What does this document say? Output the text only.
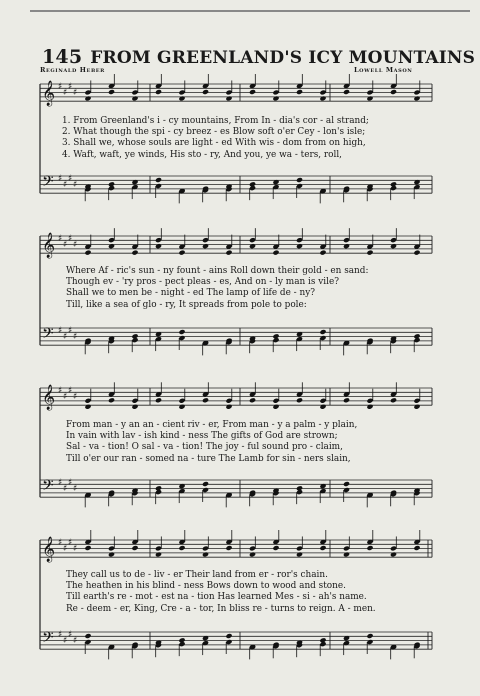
145 FROM GREENLAND'S ICY MOUNTAINS
Reginald Heber	Lowell Mason
𝄞 ♯
♯
♯
♯
𝄢 ♯
♯
♯
♯
1. From Greenland's i - cy mountains, From In - dia's cor - al strand;
2. What though the spi - cy breez - es Blow soft o'er Cey - lon's isle;
3. Shall we, whose souls are light - ed With wis - dom from on high,
4. Waft, waft, ye winds, His sto - ry, And you, ye wa - ters, roll,
𝄞 ♯
♯
♯
♯
𝄢 ♯
♯
♯
♯
Where Af - ric's sun - ny fount - ains Roll down their gold - en sand:
Though ev - 'ry pros - pect pleas - es, And on - ly man is vile?
Shall we to men be - night - ed The lamp of life de - ny?
Till, like a sea of glo - ry, It spreads from pole to pole:
𝄞 ♯
♯
♯
♯
𝄢 ♯
♯
♯
♯
From man - y an an - cient riv - er, From man - y a palm - y plain,
In vain with lav - ish kind - ness The gifts of God are strown;
Sal - va - tion! O sal - va - tion! The joy - ful sound pro - claim,
Till o'er our ran - somed na - ture The Lamb for sin - ners slain,
𝄞 ♯
♯
♯
♯
𝄢 ♯
♯
♯
♯
They call us to de - liv - er Their land from er - ror's chain.
The heathen in his blind - ness Bows down to wood and stone.
Till earth's re - mot - est na - tion Has learned Mes - si - ah's name.
Re - deem - er, King, Cre - a - tor, In bliss re - turns to reign. A - men.
